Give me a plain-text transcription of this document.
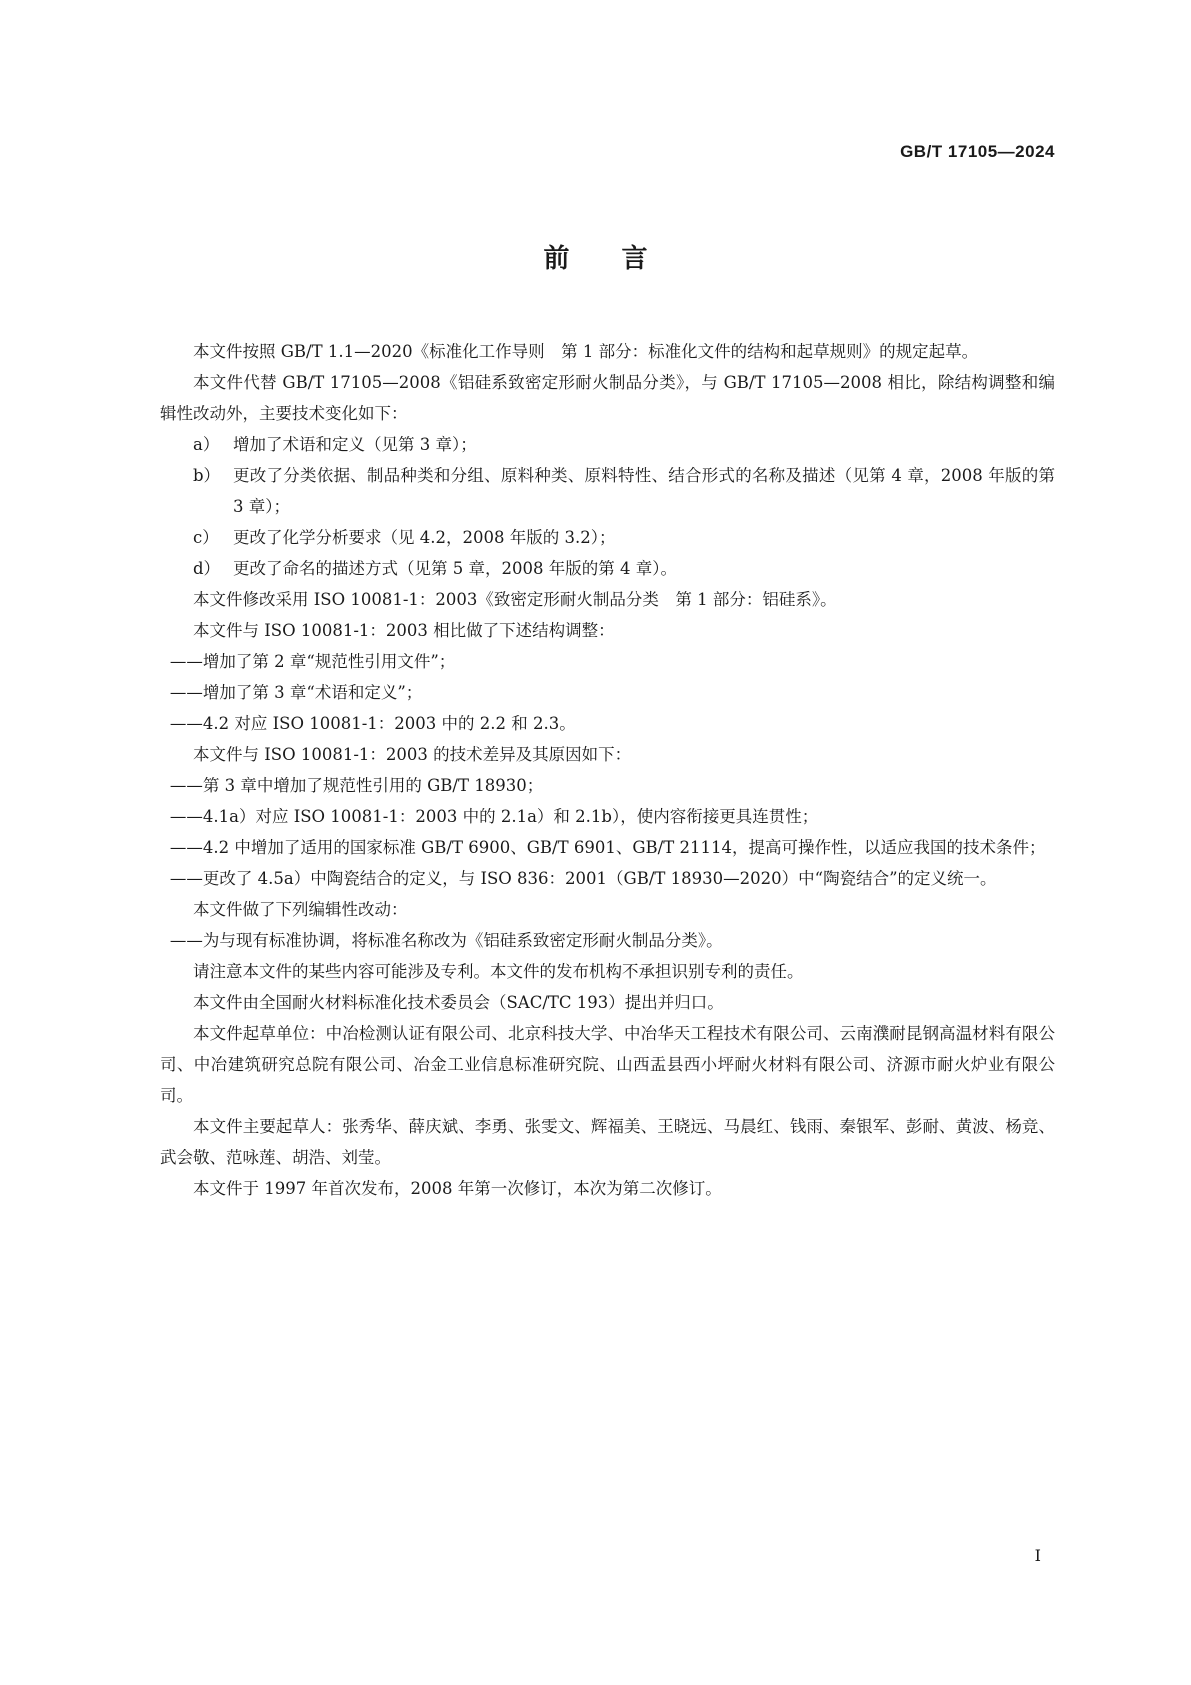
GB/T 17105—2024
前言

本文件按照 GB/T 1.1—2020《标准化工作导则　第 1 部分：标准化文件的结构和起草规则》的规定起草。

本文件代替 GB/T 17105—2008《铝硅系致密定形耐火制品分类》，与 GB/T 17105—2008 相比，除结构调整和编辑性改动外，主要技术变化如下：

a） 增加了术语和定义（见第 3 章）；
b） 更改了分类依据、制品种类和分组、原料种类、原料特性、结合形式的名称及描述（见第 4 章，2008 年版的第 3 章）；
c） 更改了化学分析要求（见 4.2，2008 年版的 3.2）；
d） 更改了命名的描述方式（见第 5 章，2008 年版的第 4 章）。

本文件修改采用 ISO 10081-1：2003《致密定形耐火制品分类　第 1 部分：铝硅系》。

本文件与 ISO 10081-1：2003 相比做了下述结构调整：

—— 增加了第 2 章“规范性引用文件”；
—— 增加了第 3 章“术语和定义”；
—— 4.2 对应 ISO 10081-1：2003 中的 2.2 和 2.3。

本文件与 ISO 10081-1：2003 的技术差异及其原因如下：

—— 第 3 章中增加了规范性引用的 GB/T 18930；
—— 4.1a）对应 ISO 10081-1：2003 中的 2.1a）和 2.1b），使内容衔接更具连贯性；
—— 4.2 中增加了适用的国家标准 GB/T 6900、GB/T 6901、GB/T 21114，提高可操作性，以适应我国的技术条件；
—— 更改了 4.5a）中陶瓷结合的定义，与 ISO 836：2001（GB/T 18930—2020）中“陶瓷结合”的定义统一。

本文件做了下列编辑性改动：

—— 为与现有标准协调，将标准名称改为《铝硅系致密定形耐火制品分类》。

请注意本文件的某些内容可能涉及专利。本文件的发布机构不承担识别专利的责任。

本文件由全国耐火材料标准化技术委员会（SAC/TC 193）提出并归口。

本文件起草单位：中冶检测认证有限公司、北京科技大学、中冶华天工程技术有限公司、云南濮耐昆钢高温材料有限公司、中冶建筑研究总院有限公司、冶金工业信息标准研究院、山西盂县西小坪耐火材料有限公司、济源市耐火炉业有限公司。

本文件主要起草人：张秀华、薛庆斌、李勇、张雯文、辉福美、王晓远、马晨红、钱雨、秦银军、彭耐、黄波、杨竞、武会敬、范咏莲、胡浩、刘莹。

本文件于 1997 年首次发布，2008 年第一次修订，本次为第二次修订。

I
